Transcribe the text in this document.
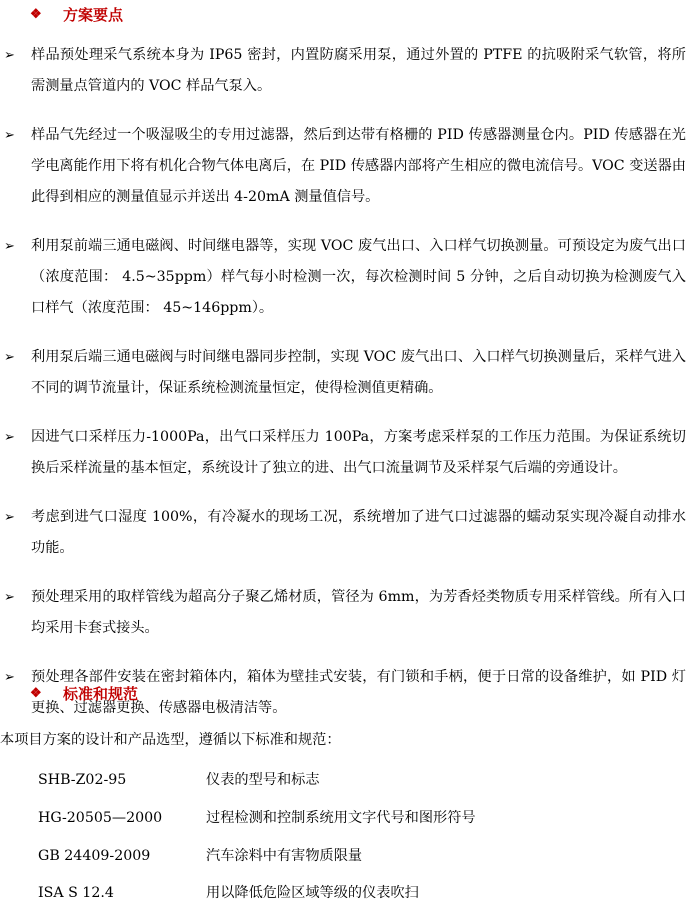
❖	方案要点
➢ 样品预处理采气系统本身为 IP65 密封，内置防腐采用泵，通过外置的 PTFE 的抗吸附采气软管，将所需测量点管道内的 VOC 样品气泵入。
➢ 样品气先经过一个吸湿吸尘的专用过滤器，然后到达带有格栅的 PID 传感器测量仓内。PID 传感器在光学电离能作用下将有机化合物气体电离后，在 PID 传感器内部将产生相应的微电流信号。VOC 变送器由此得到相应的测量值显示并送出 4-20mA 测量值信号。
➢ 利用泵前端三通电磁阀、时间继电器等，实现 VOC 废气出口、入口样气切换测量。可预设定为废气出口（浓度范围： 4.5~35ppm）样气每小时检测一次，每次检测时间 5 分钟，之后自动切换为检测废气入口样气（浓度范围： 45~146ppm）。
➢ 利用泵后端三通电磁阀与时间继电器同步控制，实现 VOC 废气出口、入口样气切换测量后，采样气进入不同的调节流量计，保证系统检测流量恒定，使得检测值更精确。
➢ 因进气口采样压力-1000Pa，出气口采样压力 100Pa，方案考虑采样泵的工作压力范围。为保证系统切换后采样流量的基本恒定，系统设计了独立的进、出气口流量调节及采样泵气后端的旁通设计。
➢ 考虑到进气口湿度 100%，有冷凝水的现场工况，系统增加了进气口过滤器的蠕动泵实现冷凝自动排水功能。
➢ 预处理采用的取样管线为超高分子聚乙烯材质，管径为 6mm，为芳香烃类物质专用采样管线。所有入口均采用卡套式接头。
➢ 预处理各部件安装在密封箱体内，箱体为壁挂式安装，有门锁和手柄，便于日常的设备维护，如 PID 灯更换、过滤器更换、传感器电极清洁等。
❖	标准和规范
本项目方案的设计和产品选型，遵循以下标准和规范：
SHB-Z02-95	仪表的型号和标志
HG-20505—2000	过程检测和控制系统用文字代号和图形符号
GB 24409-2009	汽车涂料中有害物质限量
ISA S 12.4	用以降低危险区域等级的仪表吹扫
